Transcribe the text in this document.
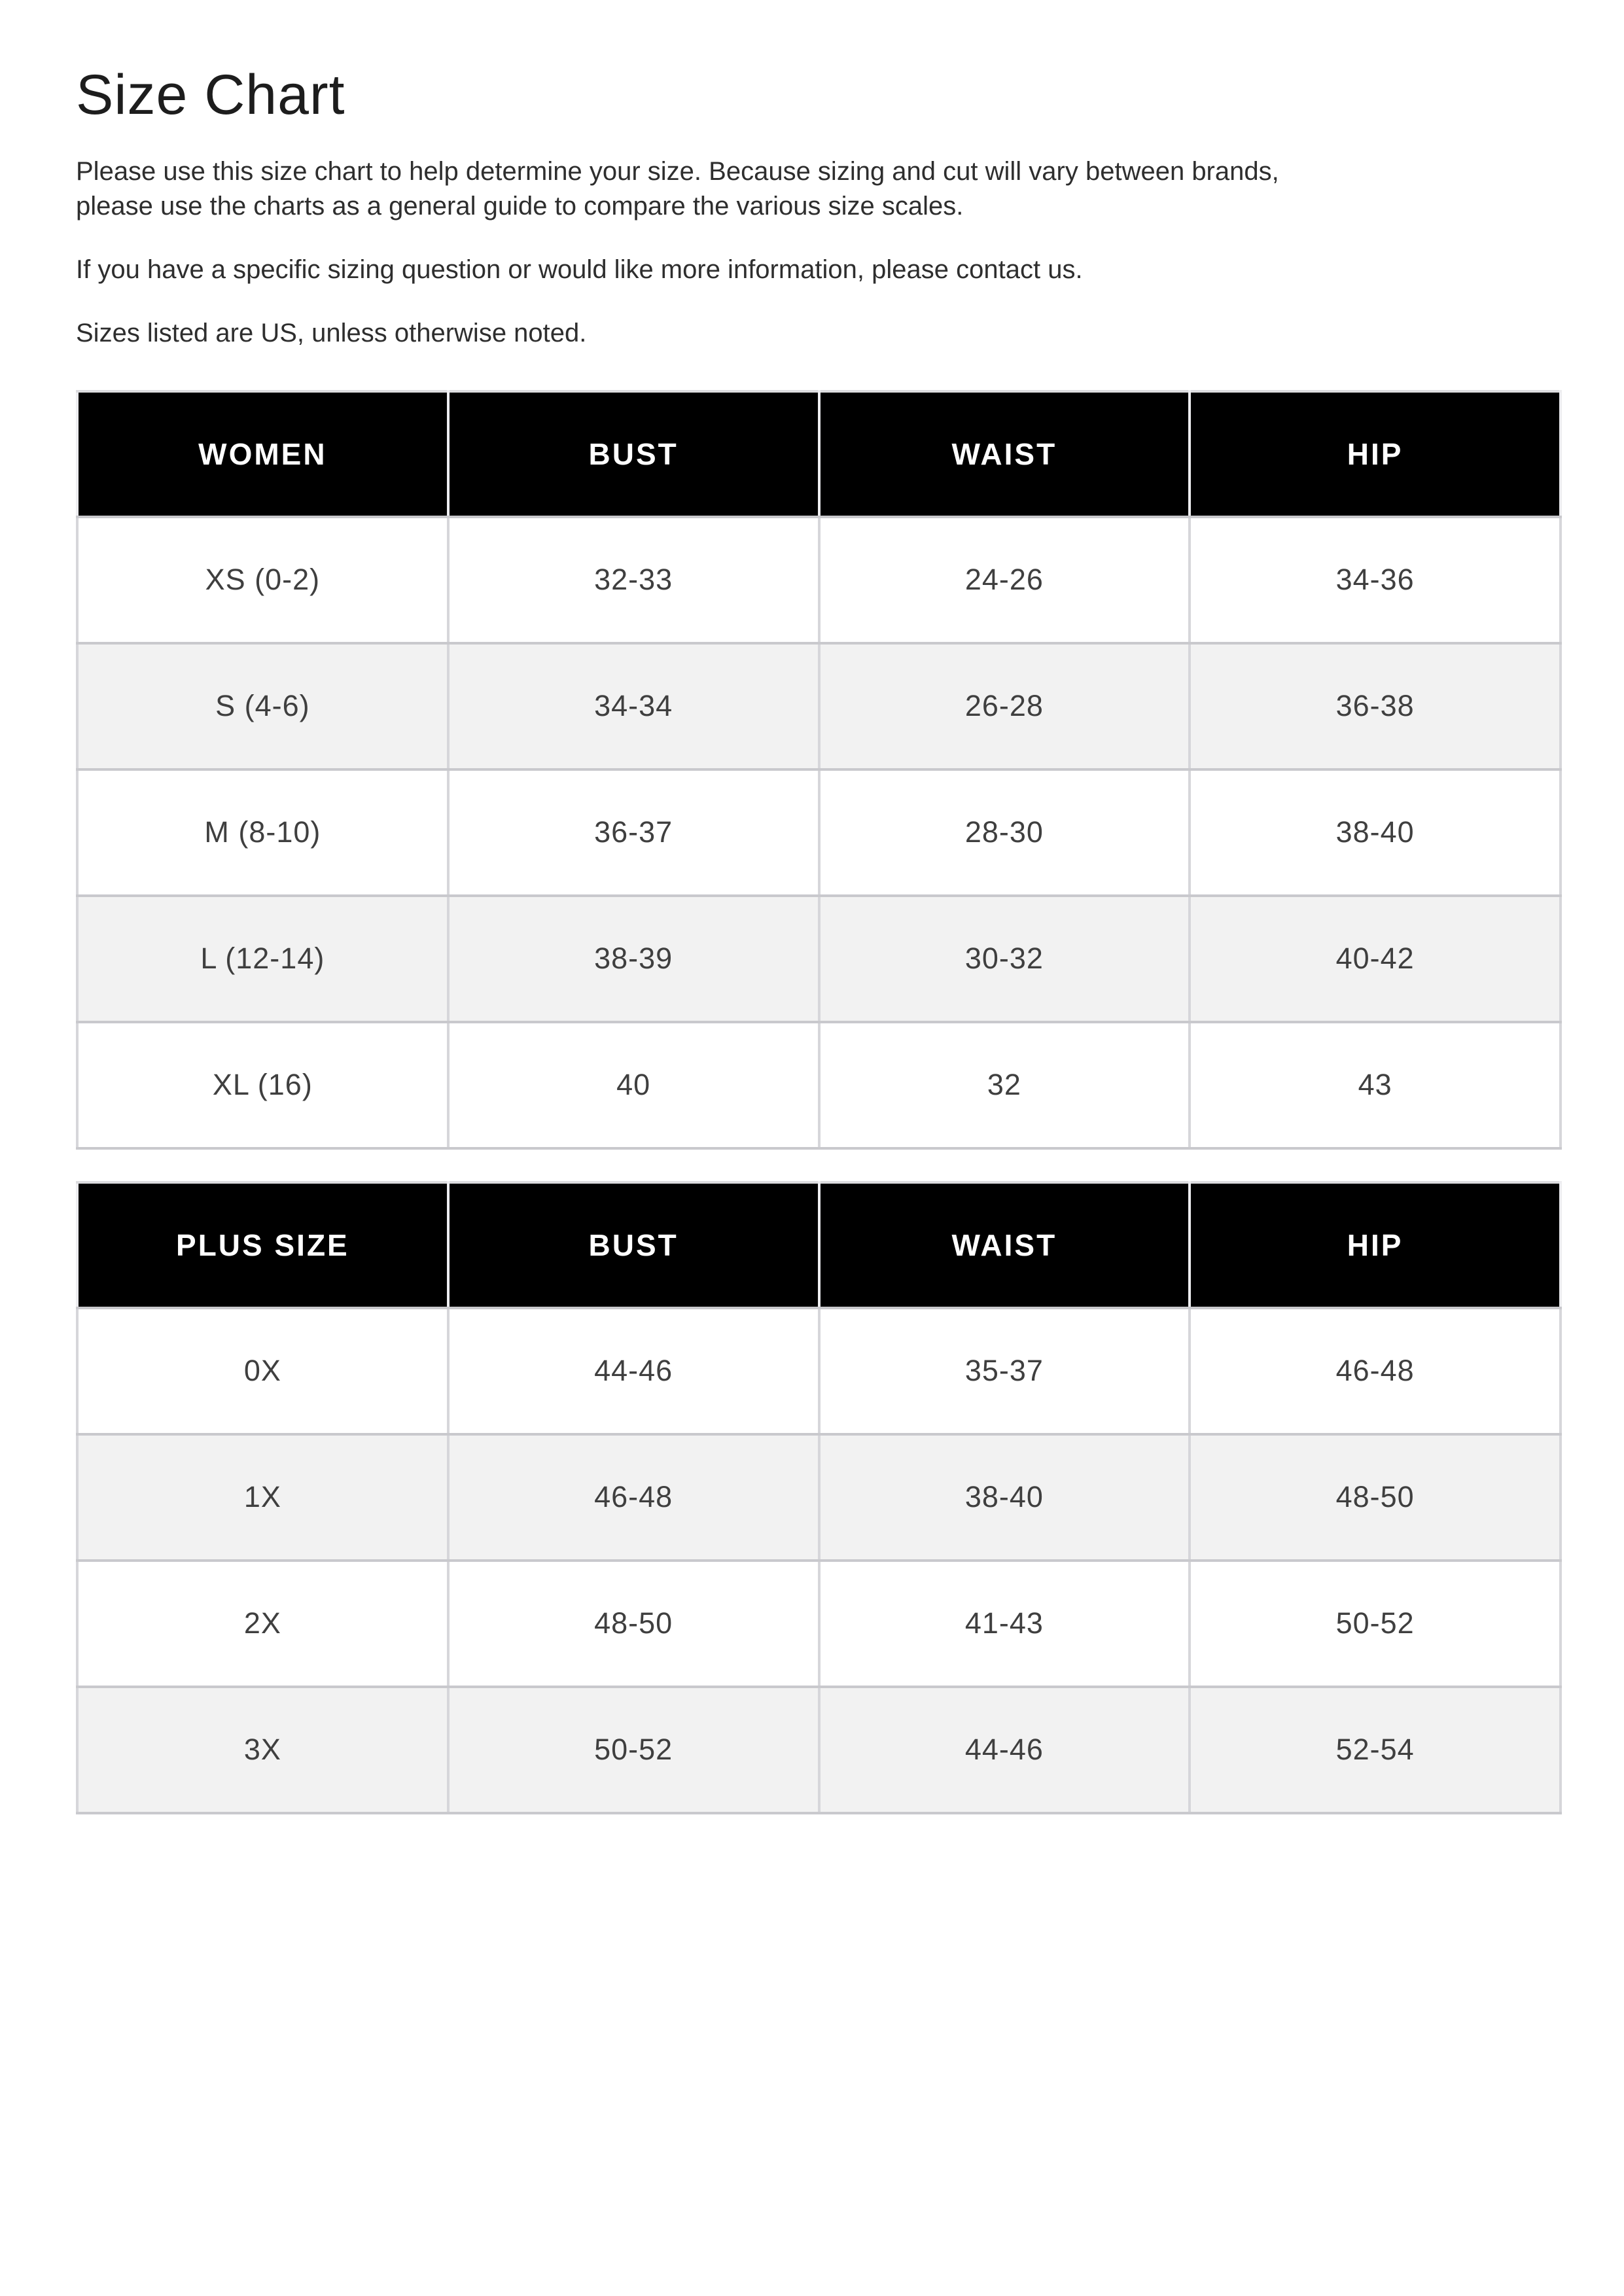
Size Chart

Please use this size chart to help determine your size. Because sizing and cut will vary between brands,
please use the charts as a general guide to compare the various size scales.

If you have a specific sizing question or would like more information, please contact us.

Sizes listed are US, unless otherwise noted.

WOMEN	BUST	WAIST	HIP
XS (0-2)	32-33	24-26	34-36
S (4-6)	34-34	26-28	36-38
M (8-10)	36-37	28-30	38-40
L (12-14)	38-39	30-32	40-42
XL (16)	40	32	43
PLUS SIZE	BUST	WAIST	HIP
0X	44-46	35-37	46-48
1X	46-48	38-40	48-50
2X	48-50	41-43	50-52
3X	50-52	44-46	52-54
